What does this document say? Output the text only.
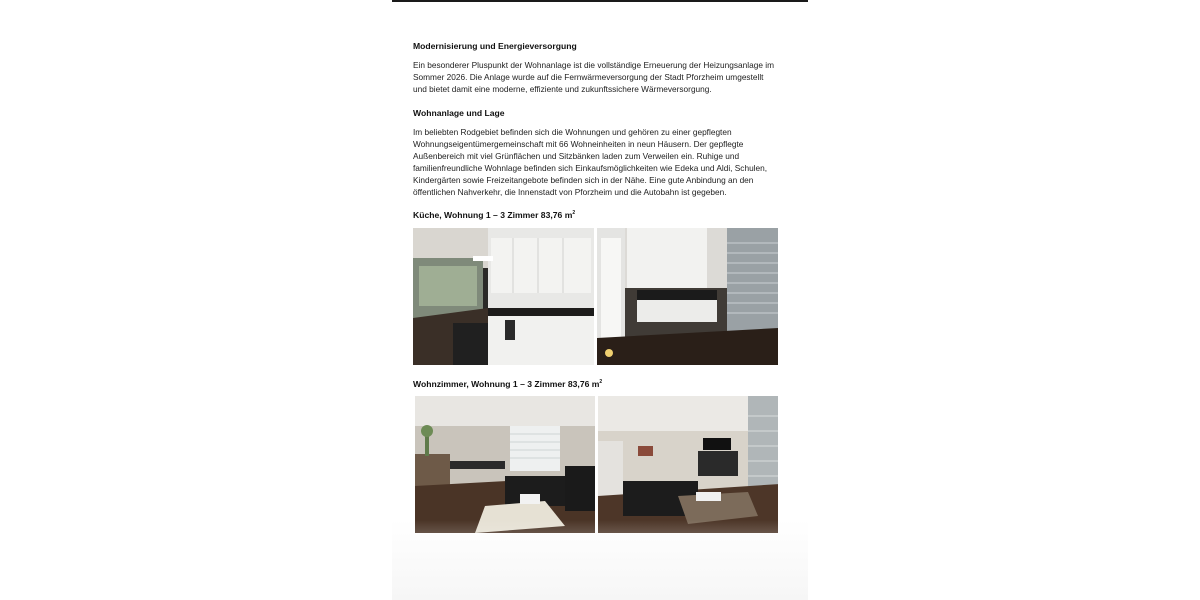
Modernisierung und Energieversorgung

Ein besonderer Pluspunkt der Wohnanlage ist die vollständige Erneuerung der Heizungsanlage im Sommer 2026. Die Anlage wurde auf die Fernwärmeversorgung der Stadt Pforzheim umgestellt und bietet damit eine moderne, effiziente und zukunftssichere Wärmeversorgung.

Wohnanlage und Lage

Im beliebten Rodgebiet befinden sich die Wohnungen und gehören zu einer gepflegten Wohnungseigentümergemeinschaft mit 66 Wohneinheiten in neun Häusern. Der gepflegte Außenbereich mit viel Grünflächen und Sitzbänken laden zum Verweilen ein. Ruhige und familienfreundliche Wohnlage befinden sich Einkaufsmöglichkeiten wie Edeka und Aldi, Schulen, Kindergärten sowie Freizeitangebote befinden sich in der Nähe. Eine gute Anbindung an den öffentlichen Nahverkehr, die Innenstadt von Pforzheim und die Autobahn ist gegeben.

Küche, Wohnung 1 – 3 Zimmer 83,76 $m^2$
Wohnzimmer, Wohnung 1 – 3 Zimmer 83,76 $m^2$
